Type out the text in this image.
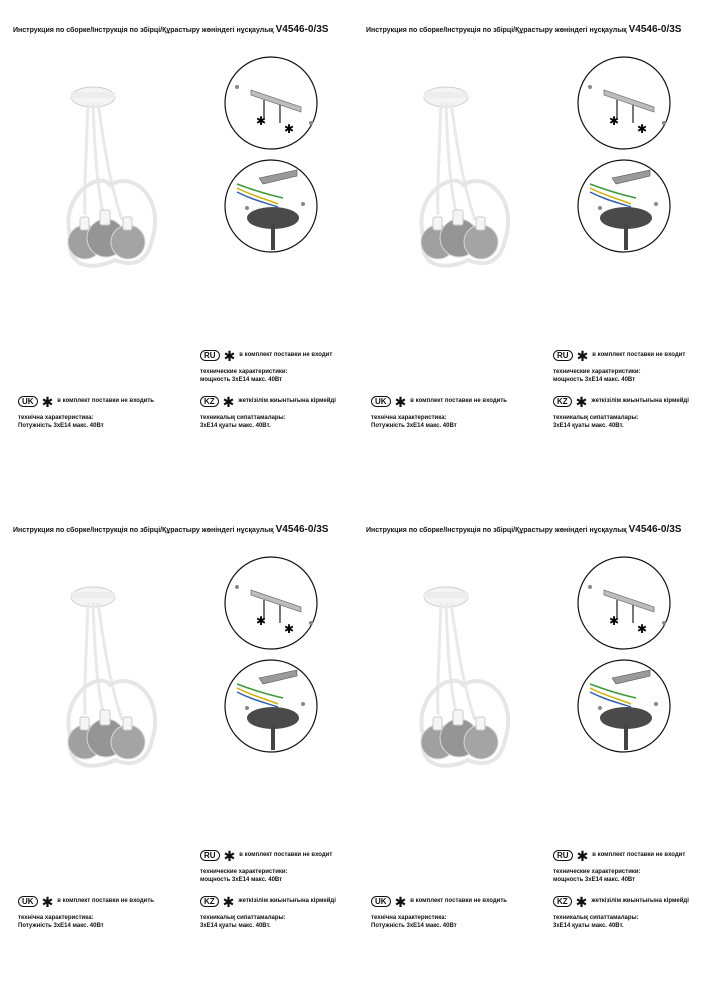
Инструкция по сборке/Інструкція по збірці/Құрастыру жөніндегі нұсқаулық V4546-0/3S
✱
✱
RU ✱ в комплект поставки не входит
технические характеристики:
мощность 3хЕ14 макс. 40Вт
UK ✱ в комплект поставки не входить
технічна характеристика:
Потужність 3хЕ14 макс. 40Вт
KZ ✱ жеткізілім жиынтығына кірмейді
техникалық сипаттамалары:
3хЕ14 қуаты макс. 40Вт.
Инструкция по сборке/Інструкція по збірці/Құрастыру жөніндегі нұсқаулық V4546-0/3S
✱
✱
RU ✱ в комплект поставки не входит
технические характеристики:
мощность 3хЕ14 макс. 40Вт
UK ✱ в комплект поставки не входить
технічна характеристика:
Потужність 3хЕ14 макс. 40Вт
KZ ✱ жеткізілім жиынтығына кірмейді
техникалық сипаттамалары:
3хЕ14 қуаты макс. 40Вт.
Инструкция по сборке/Інструкція по збірці/Құрастыру жөніндегі нұсқаулық V4546-0/3S
✱
✱
RU ✱ в комплект поставки не входит
технические характеристики:
мощность 3хЕ14 макс. 40Вт
UK ✱ в комплект поставки не входить
технічна характеристика:
Потужність 3хЕ14 макс. 40Вт
KZ ✱ жеткізілім жиынтығына кірмейді
техникалық сипаттамалары:
3хЕ14 қуаты макс. 40Вт.
Инструкция по сборке/Інструкція по збірці/Құрастыру жөніндегі нұсқаулық V4546-0/3S
✱
✱
RU ✱ в комплект поставки не входит
технические характеристики:
мощность 3хЕ14 макс. 40Вт
UK ✱ в комплект поставки не входить
технічна характеристика:
Потужність 3хЕ14 макс. 40Вт
KZ ✱ жеткізілім жиынтығына кірмейді
техникалық сипаттамалары:
3хЕ14 қуаты макс. 40Вт.
